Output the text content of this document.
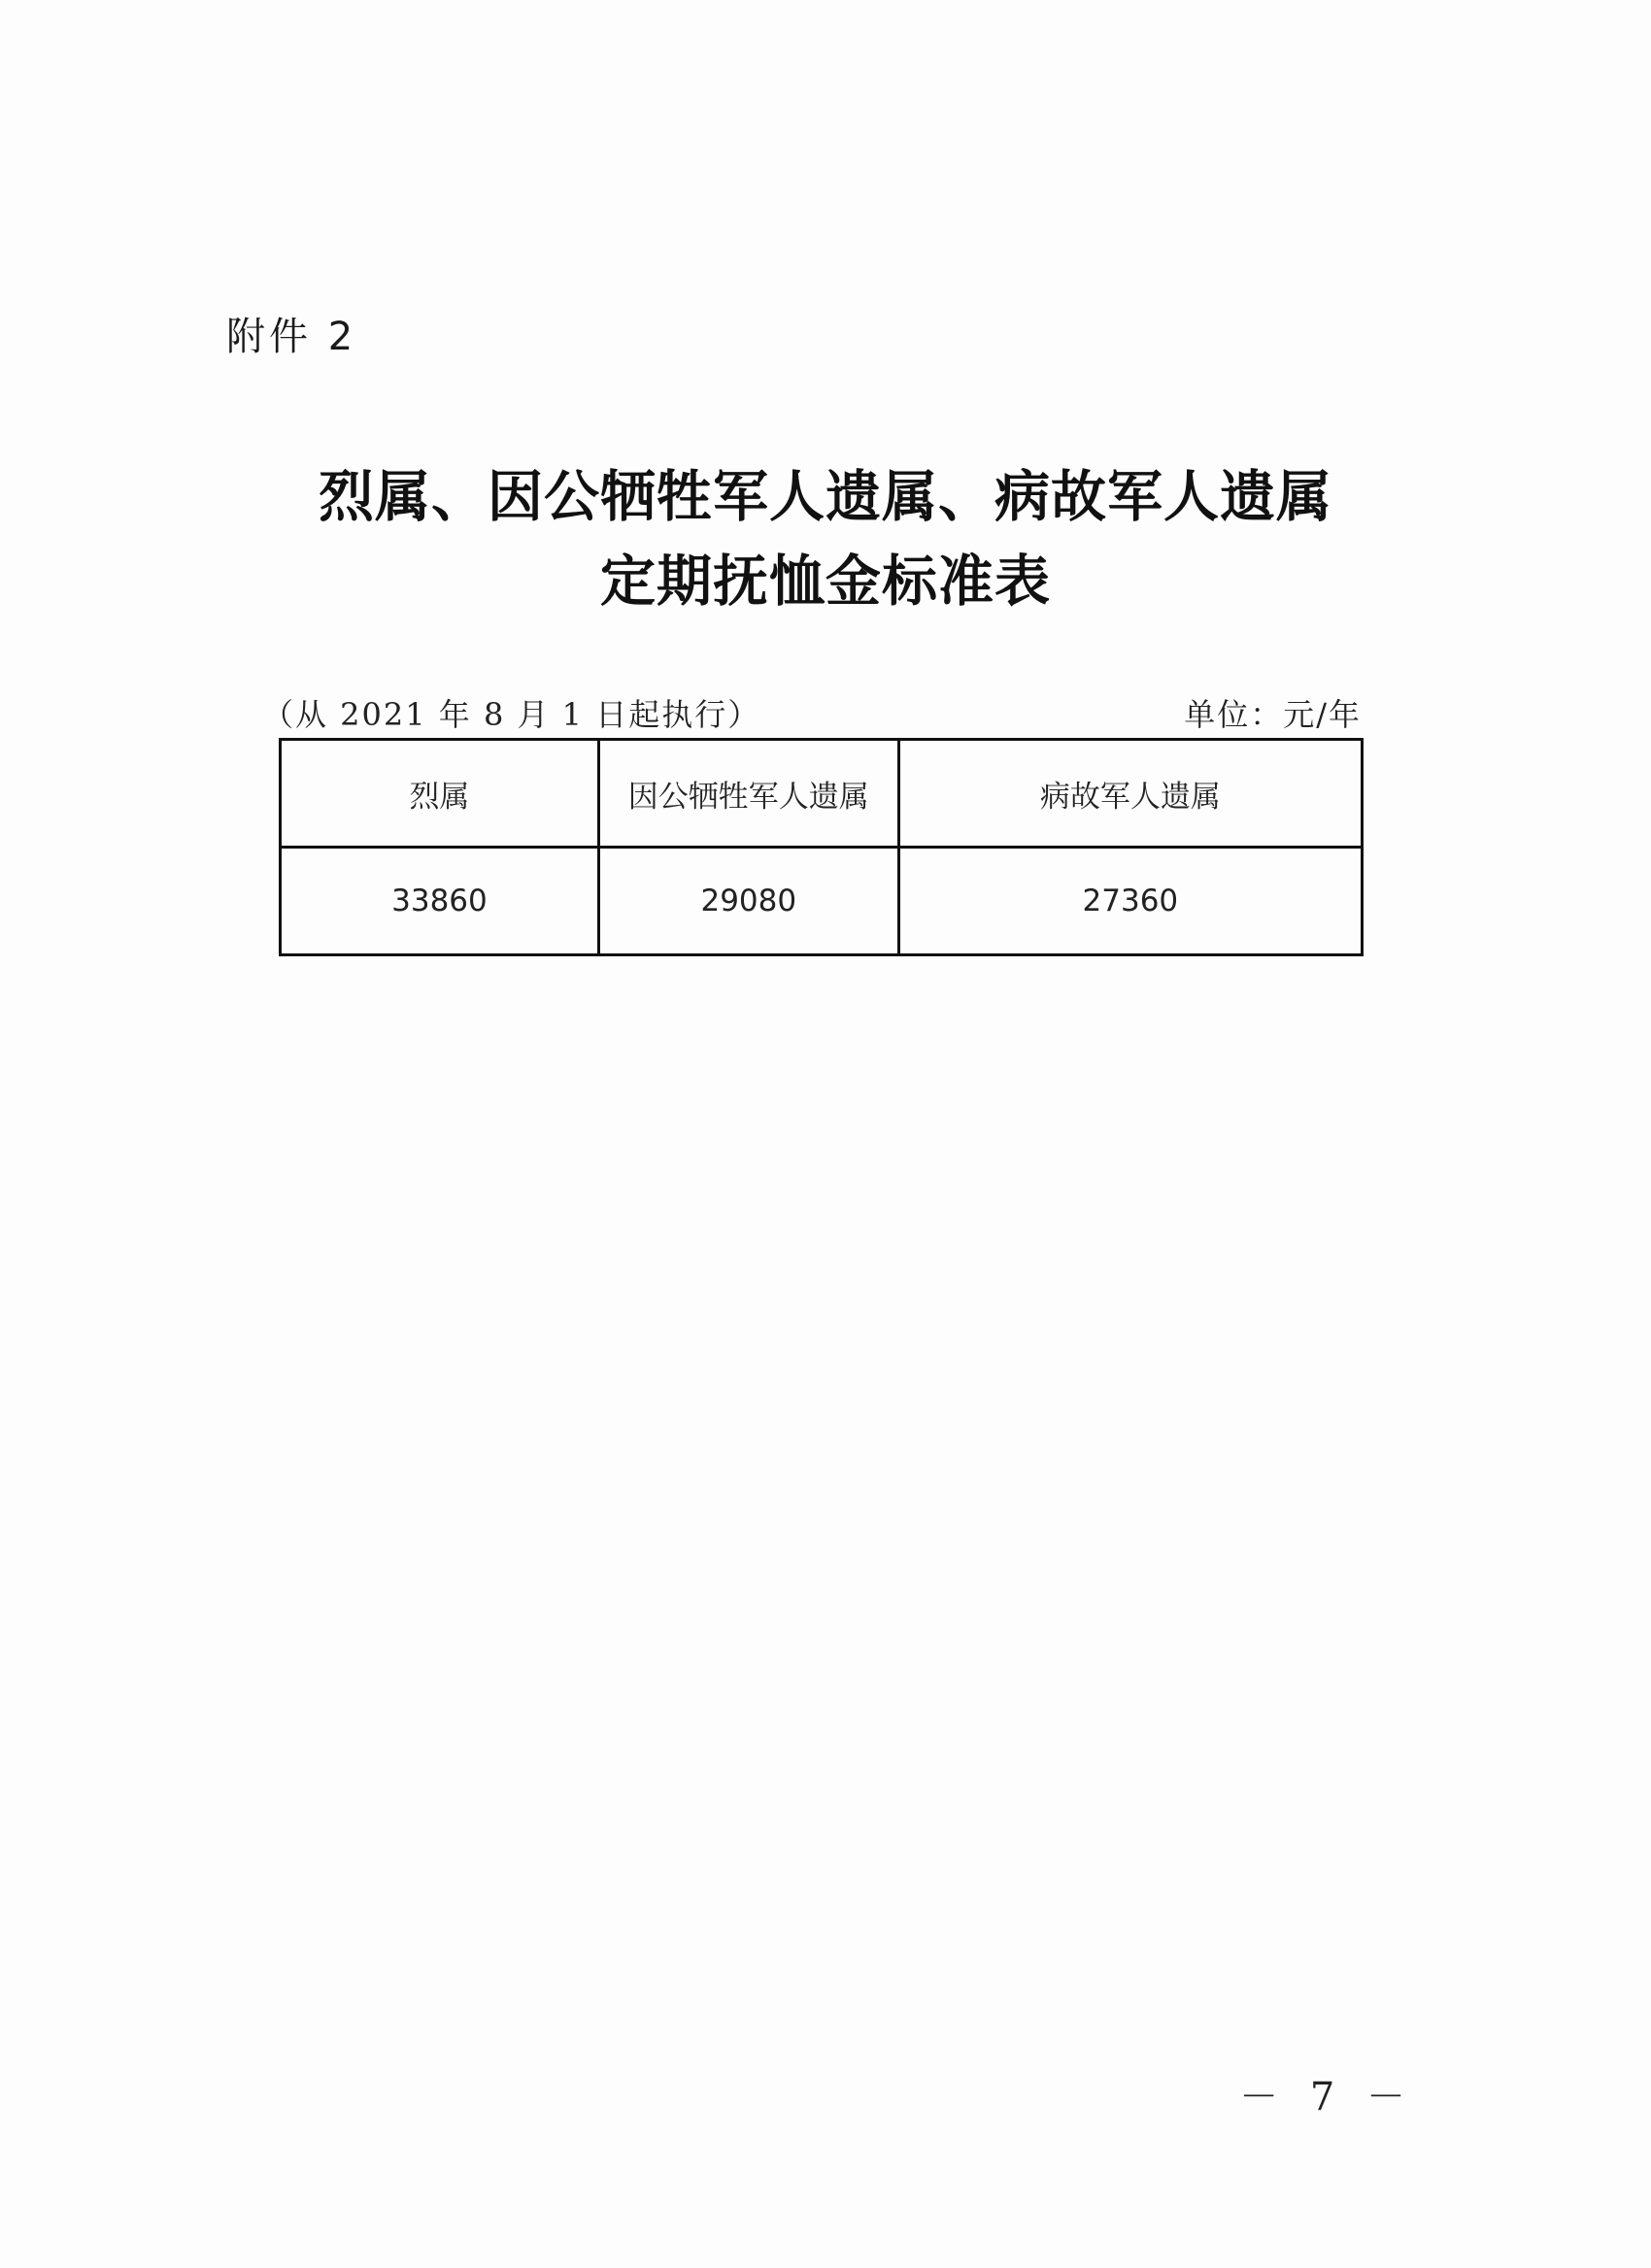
附件 2
烈属、因公牺牲军人遗属、病故军人遗属
定期抚恤金标准表
（从 2021 年 8 月 1 日起执行）	单位：元/年
烈属	因公牺牲军人遗属	病故军人遗属
33860	29080	27360
－ 7 －
